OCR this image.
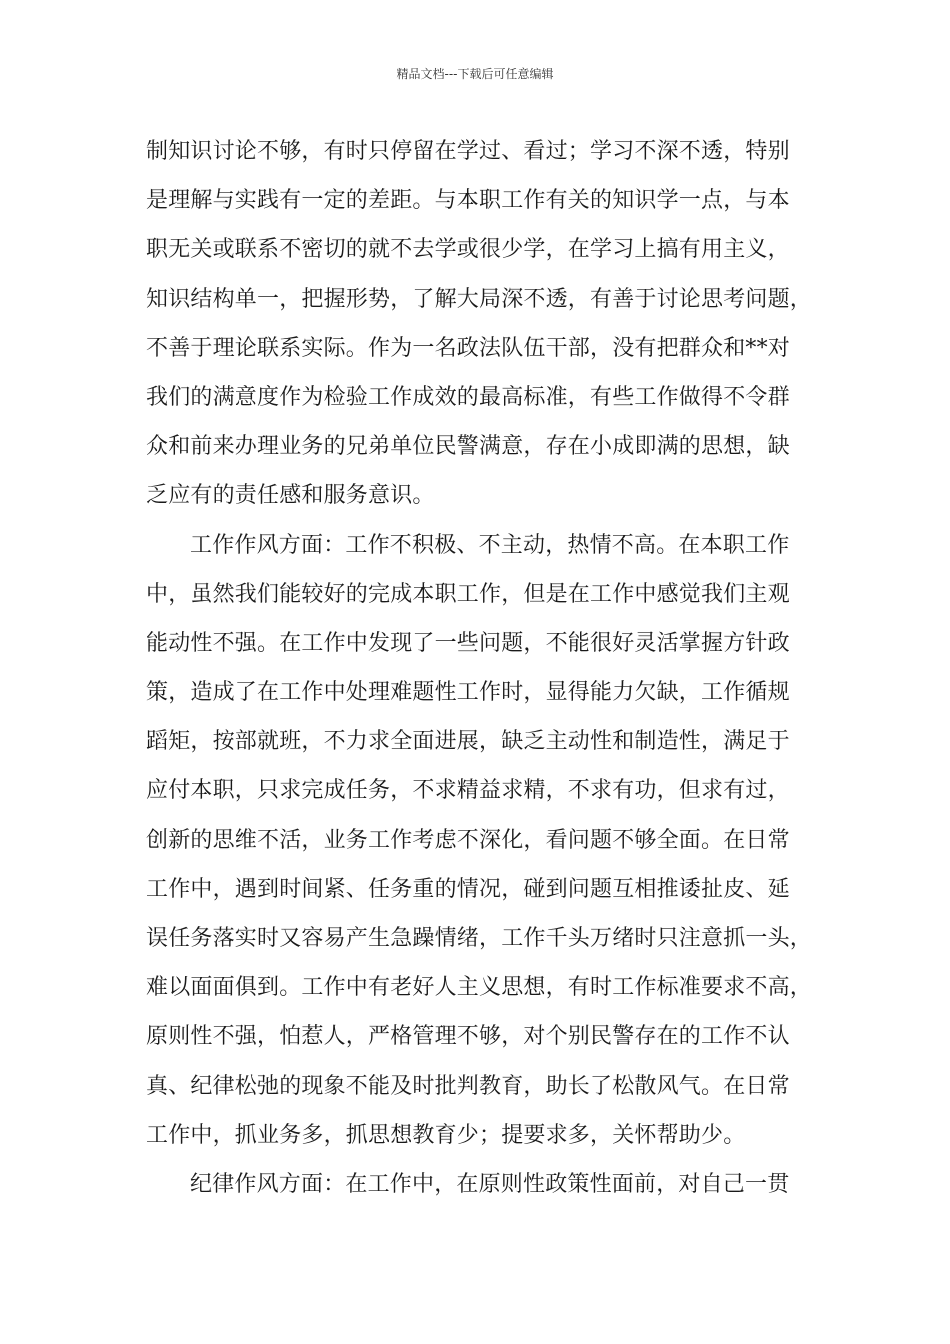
精品文档---下载后可任意编辑
制知识讨论不够，有时只停留在学过、看过；学习不深不透，特别
是理解与实践有一定的差距。与本职工作有关的知识学一点，与本
职无关或联系不密切的就不去学或很少学，在学习上搞有用主义，
知识结构单一，把握形势，了解大局深不透，有善于讨论思考问题，
不善于理论联系实际。作为一名政法队伍干部，没有把群众和**对
我们的满意度作为检验工作成效的最高标准，有些工作做得不令群
众和前来办理业务的兄弟单位民警满意，存在小成即满的思想，缺
乏应有的责任感和服务意识。
工作作风方面：工作不积极、不主动，热情不高。在本职工作
中，虽然我们能较好的完成本职工作，但是在工作中感觉我们主观
能动性不强。在工作中发现了一些问题，不能很好灵活掌握方针政
策，造成了在工作中处理难题性工作时，显得能力欠缺，工作循规
蹈矩，按部就班，不力求全面进展，缺乏主动性和制造性，满足于
应付本职，只求完成任务，不求精益求精，不求有功，但求有过，
创新的思维不活，业务工作考虑不深化，看问题不够全面。在日常
工作中，遇到时间紧、任务重的情况，碰到问题互相推诿扯皮、延
误任务落实时又容易产生急躁情绪，工作千头万绪时只注意抓一头，
难以面面俱到。工作中有老好人主义思想，有时工作标准要求不高，
原则性不强，怕惹人，严格管理不够，对个别民警存在的工作不认
真、纪律松弛的现象不能及时批判教育，助长了松散风气。在日常
工作中，抓业务多，抓思想教育少；提要求多，关怀帮助少。
纪律作风方面：在工作中，在原则性政策性面前，对自己一贯
